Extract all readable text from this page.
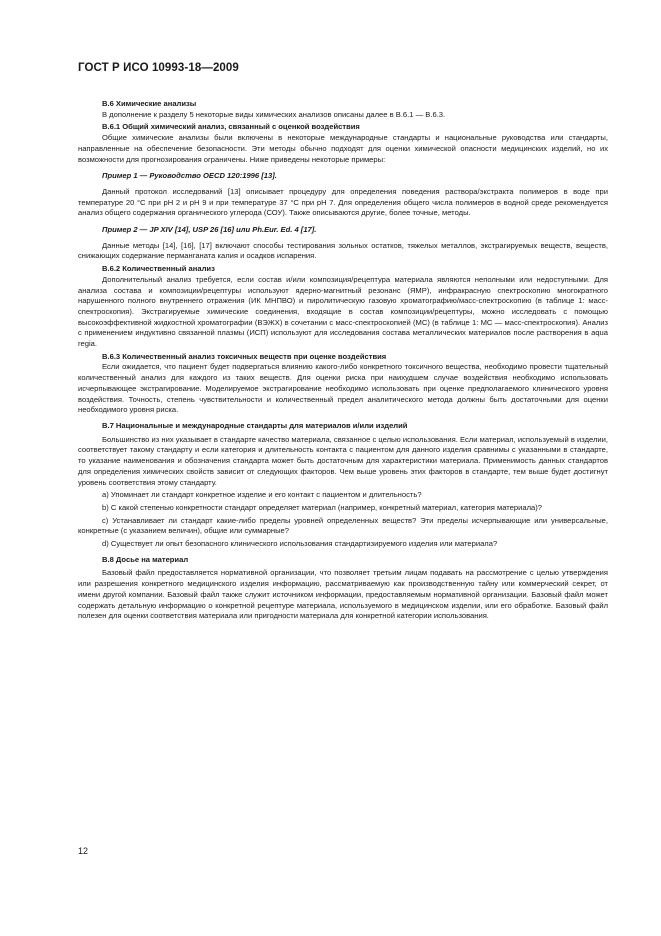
ГОСТ Р ИСО 10993-18—2009

В.6 Химические анализы

В дополнение к разделу 5 некоторые виды химических анализов описаны далее в В.6.1 — В.6.3.

В.6.1 Общий химический анализ, связанный с оценкой воздействия

Общие химические анализы были включены в некоторые международные стандарты и национальные руководства или стандарты, направленные на обеспечение безопасности. Эти методы обычно подходят для оценки химической опасности медицинских изделий, но их возможности для прогнозирования ограничены. Ниже приведены некоторые примеры:

Пример 1 — Руководство OECD 120:1996 [13].

Данный протокол исследований [13] описывает процедуру для определения поведения раствора/экстракта полимеров в воде при температуре 20 °C при pH 2 и pH 9 и при температуре 37 °C при pH 7. Для определения общего числа полимеров в водной среде рекомендуется анализ общего содержания органического углерода (СОУ). Также описываются другие, более точные, методы.

Пример 2 — JP XIV [14], USP 26 [16] или Ph.Eur. Ed. 4 [17].

Данные методы [14], [16], [17] включают способы тестирования зольных остатков, тяжелых металлов, экстрагируемых веществ, веществ, снижающих содержание перманганата калия и осадков испарения.

В.6.2 Количественный анализ

Дополнительный анализ требуется, если состав и/или композиция/рецептура материала являются неполными или недоступными. Для анализа состава и композиции/рецептуры используют ядерно-магнитный резонанс (ЯМР), инфракрасную спектроскопию многократного нарушенного полного внутреннего отражения (ИК МНПВО) и пиролитическую газовую хроматографию/масс-спектроскопию (в таблице 1: масс-спектроскопия). Экстрагируемые химические соединения, входящие в состав композиции/рецептуры, можно исследовать с помощью высокоэффективной жидкостной хроматографии (ВЭЖХ) в сочетании с масс-спектроскопией (МС) (в таблице 1: МС — масс-спектроскопия). Анализ с применением индуктивно связанной плазмы (ИСП) используют для исследования состава металлических материалов после растворения в aqua regia.

В.6.3 Количественный анализ токсичных веществ при оценке воздействия

Если ожидается, что пациент будет подвергаться влиянию какого-либо конкретного токсичного вещества, необходимо провести тщательный количественный анализ для каждого из таких веществ. Для оценки риска при наихудшем случае воздействия необходимо использовать исчерпывающее экстрагирование. Моделируемое экстрагирование необходимо использовать при оценке предполагаемого клинического уровня воздействия. Точность, степень чувствительности и количественный предел аналитического метода должны быть достаточными для оценки необходимого уровня риска.

В.7 Национальные и международные стандарты для материалов и/или изделий

Большинство из них указывает в стандарте качество материала, связанное с целью использования. Если материал, используемый в изделии, соответствует такому стандарту и если категория и длительность контакта с пациентом для данного изделия сравнимы с указанными в стандарте, то указание наименования и обозначения стандарта может быть достаточным для характеристики материала. Применимость данных стандартов для определения химических свойств зависит от следующих факторов. Чем выше уровень этих факторов в стандарте, тем выше будет достигнут уровень соответствия этому стандарту.

a) Упоминает ли стандарт конкретное изделие и его контакт с пациентом и длительность?

b) С какой степенью конкретности стандарт определяет материал (например, конкретный материал, категория материала)?

c) Устанавливает ли стандарт какие-либо пределы уровней определенных веществ? Эти пределы исчерпывающие или универсальные, конкретные (с указанием величин), общие или суммарные?

d) Существует ли опыт безопасного клинического использования стандартизируемого изделия или материала?

В.8 Досье на материал

Базовый файл предоставляется нормативной организации, что позволяет третьим лицам подавать на рассмотрение с целью утверждения или разрешения конкретного медицинского изделия информацию, рассматриваемую как производственную тайну или коммерческий секрет, от имени другой компании. Базовый файл также служит источником информации, предоставляемым нормативной организации. Базовый файл может содержать детальную информацию о конкретной рецептуре материала, используемого в медицинском изделии, или его обработке. Базовый файл полезен для оценки соответствия материала или пригодности материала для конкретной категории использования.

12
